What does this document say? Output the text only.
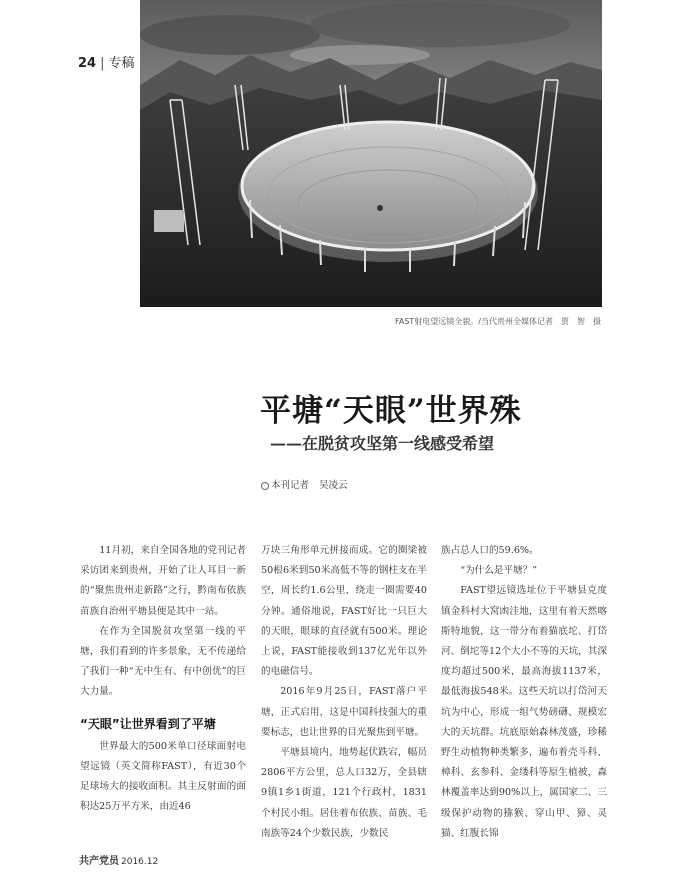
24 | 专稿
FAST射电望远镜全貌。/当代贵州全媒体记者　贾　智　摄
平塘“天眼”世界殊
——在脱贫攻坚第一线感受希望
本刊记者 吴凌云

11月初，来自全国各地的党刊记者采访团来到贵州，开始了让人耳目一新的“聚焦贵州走新路”之行，黔南布依族苗族自治州平塘县便是其中一站。

在作为全国脱贫攻坚第一线的平塘，我们看到的许多景象，无不传递给了我们一种“无中生有、有中创优”的巨大力量。

“天眼”让世界看到了平塘

世界最大的500米单口径球面射电望远镜（英文简称FAST），有近30个足球场大的接收面积。其主反射面的面积达25万平方米，由近46

万块三角形单元拼接而成。它的圈梁被50根6米到50米高低不等的钢柱支在半空，周长约1.6公里，绕走一圈需要40分钟。通俗地说，FAST好比一只巨大的天眼，眼球的直径就有500米。理论上说，FAST能接收到137亿光年以外的电磁信号。

2016年9月25日，FAST落户平塘，正式启用，这是中国科技强大的重要标志，也让世界的目光聚焦到平塘。

平塘县境内，地势起伏跌宕，幅员2806平方公里，总人口32万，全县辖9镇1乡1街道，121个行政村，1831个村民小组。居住着布依族、苗族、毛南族等24个少数民族，少数民

族占总人口的59.6%。

“为什么是平塘？”

FAST望远镜选址位于平塘县克度镇金科村大窝凼洼地，这里有着天然喀斯特地貌，这一带分布着猫底坨、打岱河、倒坨等12个大小不等的天坑，其深度均超过500米，最高海拔1137米，最低海拔548米。这些天坑以打岱河天坑为中心，形成一组气势磅礴、规模宏大的天坑群。坑底原始森林茂盛，珍稀野生动植物种类繁多，遍布着壳斗科、樟科、玄参科、金缕科等原生植被，森林覆盖率达到90%以上，属国家二、三级保护动物的猕猴、穿山甲、獐、灵猫、红腹长锦

共产党员 2016.12
